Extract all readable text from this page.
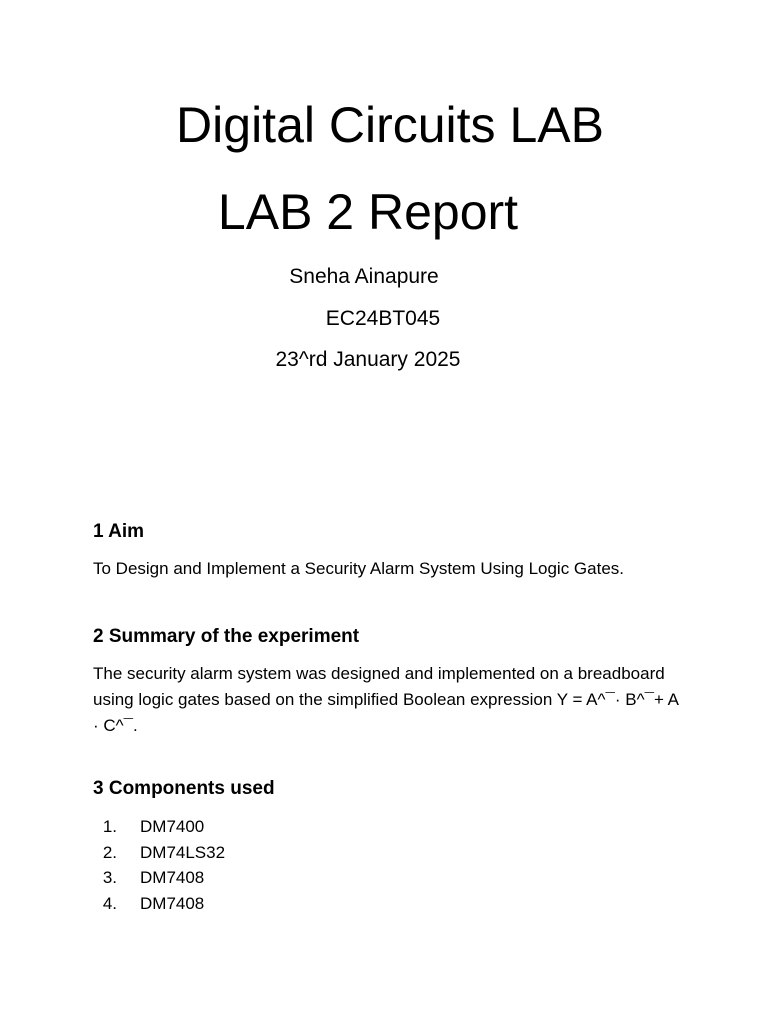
Digital Circuits LAB
LAB 2 Report

Sneha Ainapure

EC24BT045

23^rd January 2025

1 Aim

To Design and Implement a Security Alarm System Using Logic Gates.

2 Summary of the experiment

The security alarm system was designed and implemented on a breadboard using logic gates based on the simplified Boolean expression Y = A^¯· B^¯+ A · C^¯.

3 Components used
1. DM7400
2. DM74LS32
3. DM7408
4. DM7408
